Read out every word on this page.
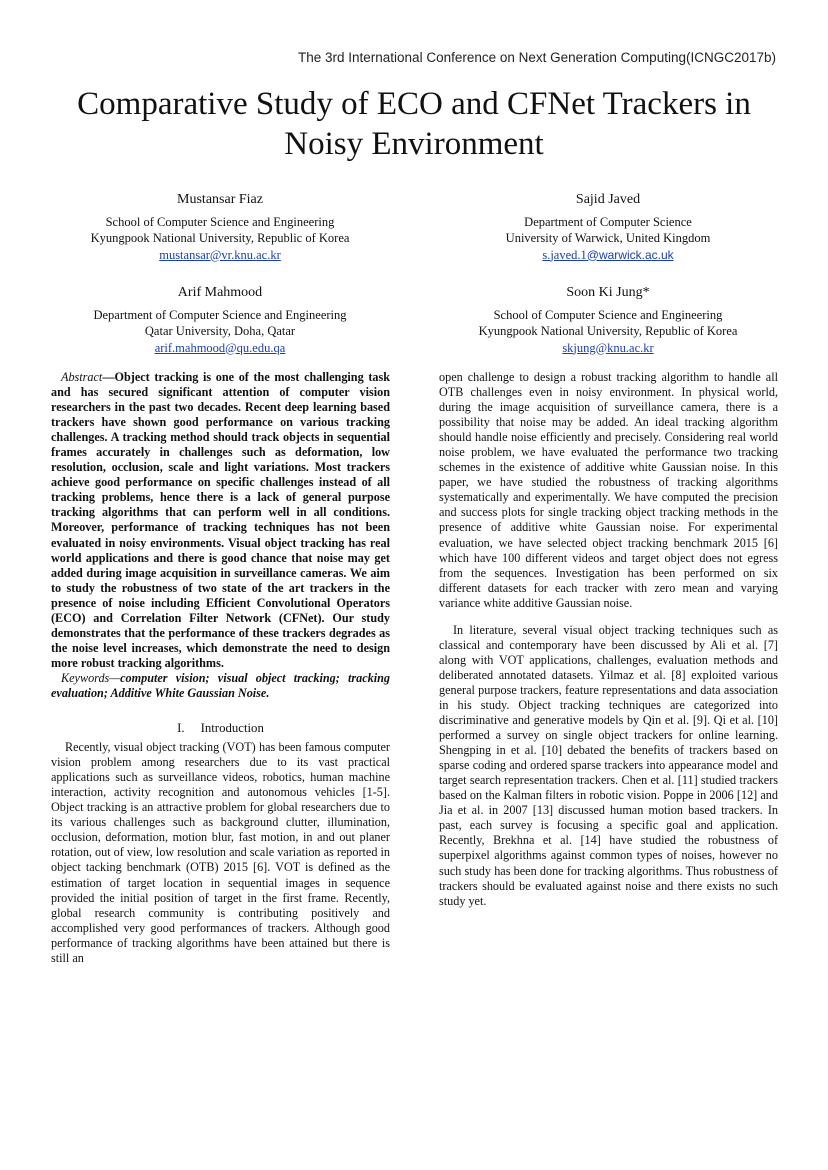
The 3rd International Conference on Next Generation Computing(ICNGC2017b)
Comparative Study of ECO and CFNet Trackers in
Noisy Environment
Mustansar Fiaz
School of Computer Science and Engineering
Kyungpook National University, Republic of Korea
mustansar@vr.knu.ac.kr
Sajid Javed
Department of Computer Science
University of Warwick, United Kingdom
s.javed.1@warwick.ac.uk
Arif Mahmood
Department of Computer Science and Engineering
Qatar University, Doha, Qatar
arif.mahmood@qu.edu.qa
Soon Ki Jung*
School of Computer Science and Engineering
Kyungpook National University, Republic of Korea
skjung@knu.ac.kr

Abstract—Object tracking is one of the most challenging task and has secured significant attention of computer vision researchers in the past two decades. Recent deep learning based trackers have shown good performance on various tracking challenges. A tracking method should track objects in sequential frames accurately in challenges such as deformation, low resolution, occlusion, scale and light variations. Most trackers achieve good performance on specific challenges instead of all tracking problems, hence there is a lack of general purpose tracking algorithms that can perform well in all conditions. Moreover, performance of tracking techniques has not been evaluated in noisy environments. Visual object tracking has real world applications and there is good chance that noise may get added during image acquisition in surveillance cameras. We aim to study the robustness of two state of the art trackers in the presence of noise including Efficient Convolutional Operators (ECO) and Correlation Filter Network (CFNet). Our study demonstrates that the performance of these trackers degrades as the noise level increases, which demonstrate the need to design more robust tracking algorithms.

Keywords—computer vision; visual object tracking; tracking evaluation; Additive White Gaussian Noise.

I. Introduction

Recently, visual object tracking (VOT) has been famous computer vision problem among researchers due to its vast practical applications such as surveillance videos, robotics, human machine interaction, activity recognition and autonomous vehicles [1-5]. Object tracking is an attractive problem for global researchers due to its various challenges such as background clutter, illumination, occlusion, deformation, motion blur, fast motion, in and out planer rotation, out of view, low resolution and scale variation as reported in object tacking benchmark (OTB) 2015 [6]. VOT is defined as the estimation of target location in sequential images in sequence provided the initial position of target in the first frame. Recently, global research community is contributing positively and accomplished very good performances of trackers. Although good performance of tracking algorithms have been attained but there is still an

open challenge to design a robust tracking algorithm to handle all OTB challenges even in noisy environment. In physical world, during the image acquisition of surveillance camera, there is a possibility that noise may be added. An ideal tracking algorithm should handle noise efficiently and precisely. Considering real world noise problem, we have evaluated the performance two tracking schemes in the existence of additive white Gaussian noise. In this paper, we have studied the robustness of tracking algorithms systematically and experimentally. We have computed the precision and success plots for single tracking object tracking methods in the presence of additive white Gaussian noise. For experimental evaluation, we have selected object tracking benchmark 2015 [6] which have 100 different videos and target object does not egress from the sequences. Investigation has been performed on six different datasets for each tracker with zero mean and varying variance white additive Gaussian noise.

In literature, several visual object tracking techniques such as classical and contemporary have been discussed by Ali et al. [7] along with VOT applications, challenges, evaluation methods and deliberated annotated datasets. Yilmaz et al. [8] exploited various general purpose trackers, feature representations and data association in his study. Object tracking techniques are categorized into discriminative and generative models by Qin et al. [9]. Qi et al. [10] performed a survey on single object trackers for online learning. Shengping in et al. [10] debated the benefits of trackers based on sparse coding and ordered sparse trackers into appearance model and target search representation trackers. Chen et al. [11] studied trackers based on the Kalman filters in robotic vision. Poppe in 2006 [12] and Jia et al. in 2007 [13] discussed human motion based trackers. In past, each survey is focusing a specific goal and application. Recently, Brekhna et al. [14] have studied the robustness of superpixel algorithms against common types of noises, however no such study has been done for tracking algorithms. Thus robustness of trackers should be evaluated against noise and there exists no such study yet.
